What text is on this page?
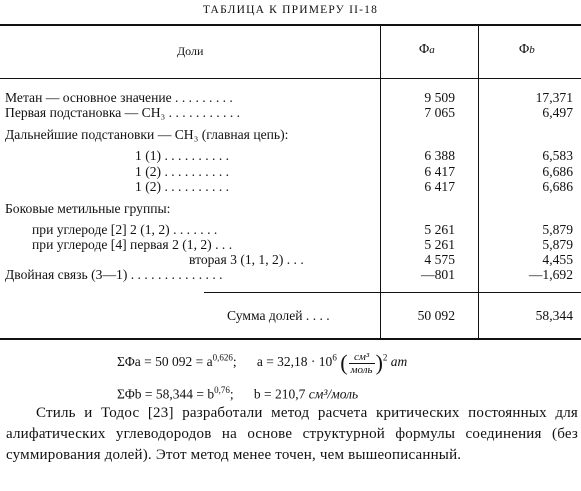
ТАБЛИЦА К ПРИМЕРУ II-18
Доли	Φa	Φb
Метан — основное значение . . . . . . . . .	9 509	17,371
Первая подстановка — CH₃ . . . . . . . . . . .	7 065	6,497
Дальнейшие подстановки — CH₃ (главная цепь):
1 (1) . . . . . . . . . .	6 388	6,583
1 (2) . . . . . . . . . .	6 417	6,686
1 (2) . . . . . . . . . .	6 417	6,686
Боковые метильные группы:
при углероде [2] 2 (1, 2) . . . . . . .	5 261	5,879
при углероде [4] первая 2 (1, 2) . . .	5 261	5,879
вторая 3 (1, 1, 2) . . .	4 575	4,455
Двойная связь (3—1) . . . . . . . . . . . . . .	—801	—1,692
Сумма долей . . . .	50 092	58,344
ΣΦa = 50 $092 = a^{0,626}$; $a = 32,18 \cdot 10^6$ ( $\frac{\text{см³}}{\text{моль}} )^2$ ат
$\Sigma\Phi b = 58,344 = b^{0,76}$; b = 210,7 см³/моль
Стиль и Тодос [23] разработали метод расчета критических постоянных для алифатических углеводородов на основе структурной формулы соединения (без суммирования долей). Этот метод менее точен, чем вышеописанный.
